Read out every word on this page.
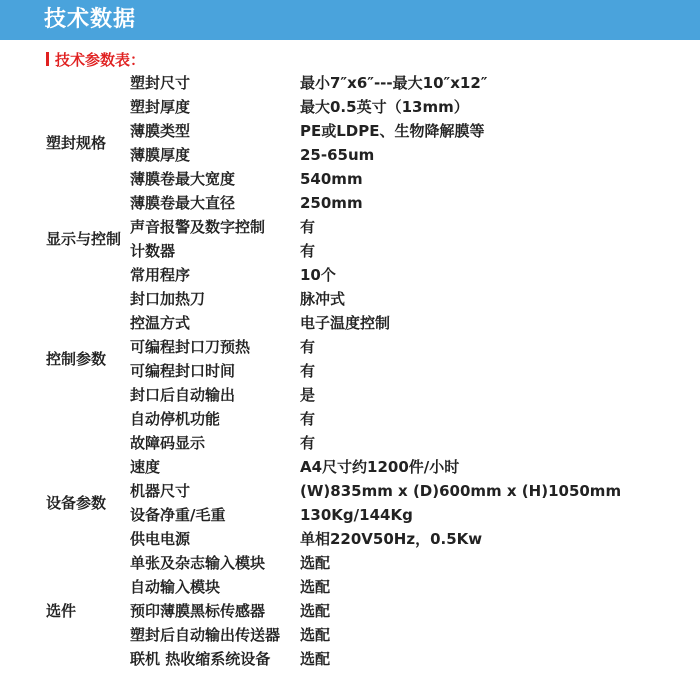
技术数据
技术参数表：
塑封规格	塑封尺寸	最小7″x6″---最大10″x12″
	塑封厚度	最大0.5英寸（13mm）
	薄膜类型	PE或LDPE、生物降解膜等
	薄膜厚度	25-65um
	薄膜卷最大宽度	540mm
	薄膜卷最大直径	250mm
显示与控制	声音报警及数字控制	有
	计数器	有
控制参数	常用程序	10个
	封口加热刀	脉冲式
	控温方式	电子温度控制
	可编程封口刀预热	有
	可编程封口时间	有
	封口后自动输出	是
	自动停机功能	有
	故障码显示	有
设备参数	速度	A4尺寸约1200件/小时
	机器尺寸	(W)835mm x (D)600mm x (H)1050mm
	设备净重/毛重	130Kg/144Kg
	供电电源	单相220V50Hz，0.5Kw
选件	单张及杂志输入模块	选配
	自动输入模块	选配
	预印薄膜黑标传感器	选配
	塑封后自动输出传送器	选配
	联机 热收缩系统设备	选配
